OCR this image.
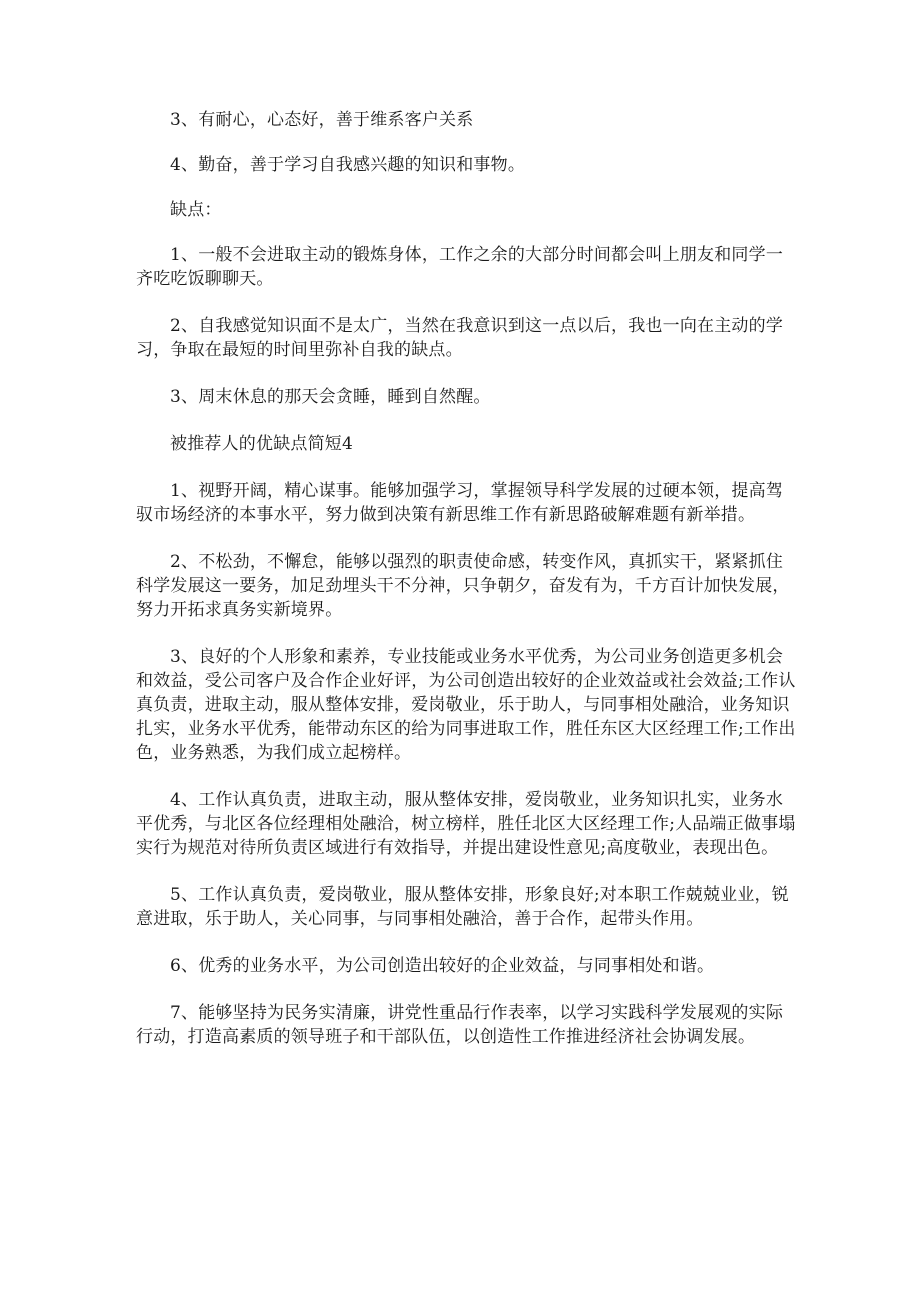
3、有耐心，心态好，善于维系客户关系

4、勤奋，善于学习自我感兴趣的知识和事物。

缺点：

1、一般不会进取主动的锻炼身体，工作之余的大部分时间都会叫上朋友和同学一齐吃吃饭聊聊天。

2、自我感觉知识面不是太广，当然在我意识到这一点以后，我也一向在主动的学习，争取在最短的时间里弥补自我的缺点。

3、周末休息的那天会贪睡，睡到自然醒。

被推荐人的优缺点简短4

1、视野开阔，精心谋事。能够加强学习，掌握领导科学发展的过硬本领，提高驾驭市场经济的本事水平，努力做到决策有新思维工作有新思路破解难题有新举措。

2、不松劲，不懈怠，能够以强烈的职责使命感，转变作风，真抓实干，紧紧抓住科学发展这一要务，加足劲埋头干不分神，只争朝夕，奋发有为，千方百计加快发展，努力开拓求真务实新境界。

3、良好的个人形象和素养，专业技能或业务水平优秀，为公司业务创造更多机会和效益，受公司客户及合作企业好评，为公司创造出较好的企业效益或社会效益;工作认真负责，进取主动，服从整体安排，爱岗敬业，乐于助人，与同事相处融洽，业务知识扎实，业务水平优秀，能带动东区的给为同事进取工作，胜任东区大区经理工作;工作出色，业务熟悉，为我们成立起榜样。

4、工作认真负责，进取主动，服从整体安排，爱岗敬业，业务知识扎实，业务水平优秀，与北区各位经理相处融洽，树立榜样，胜任北区大区经理工作;人品端正做事塌实行为规范对待所负责区域进行有效指导，并提出建设性意见;高度敬业，表现出色。

5、工作认真负责，爱岗敬业，服从整体安排，形象良好;对本职工作兢兢业业，锐意进取，乐于助人，关心同事，与同事相处融洽，善于合作，起带头作用。

6、优秀的业务水平，为公司创造出较好的企业效益，与同事相处和谐。

7、能够坚持为民务实清廉，讲党性重品行作表率，以学习实践科学发展观的实际行动，打造高素质的领导班子和干部队伍，以创造性工作推进经济社会协调发展。
